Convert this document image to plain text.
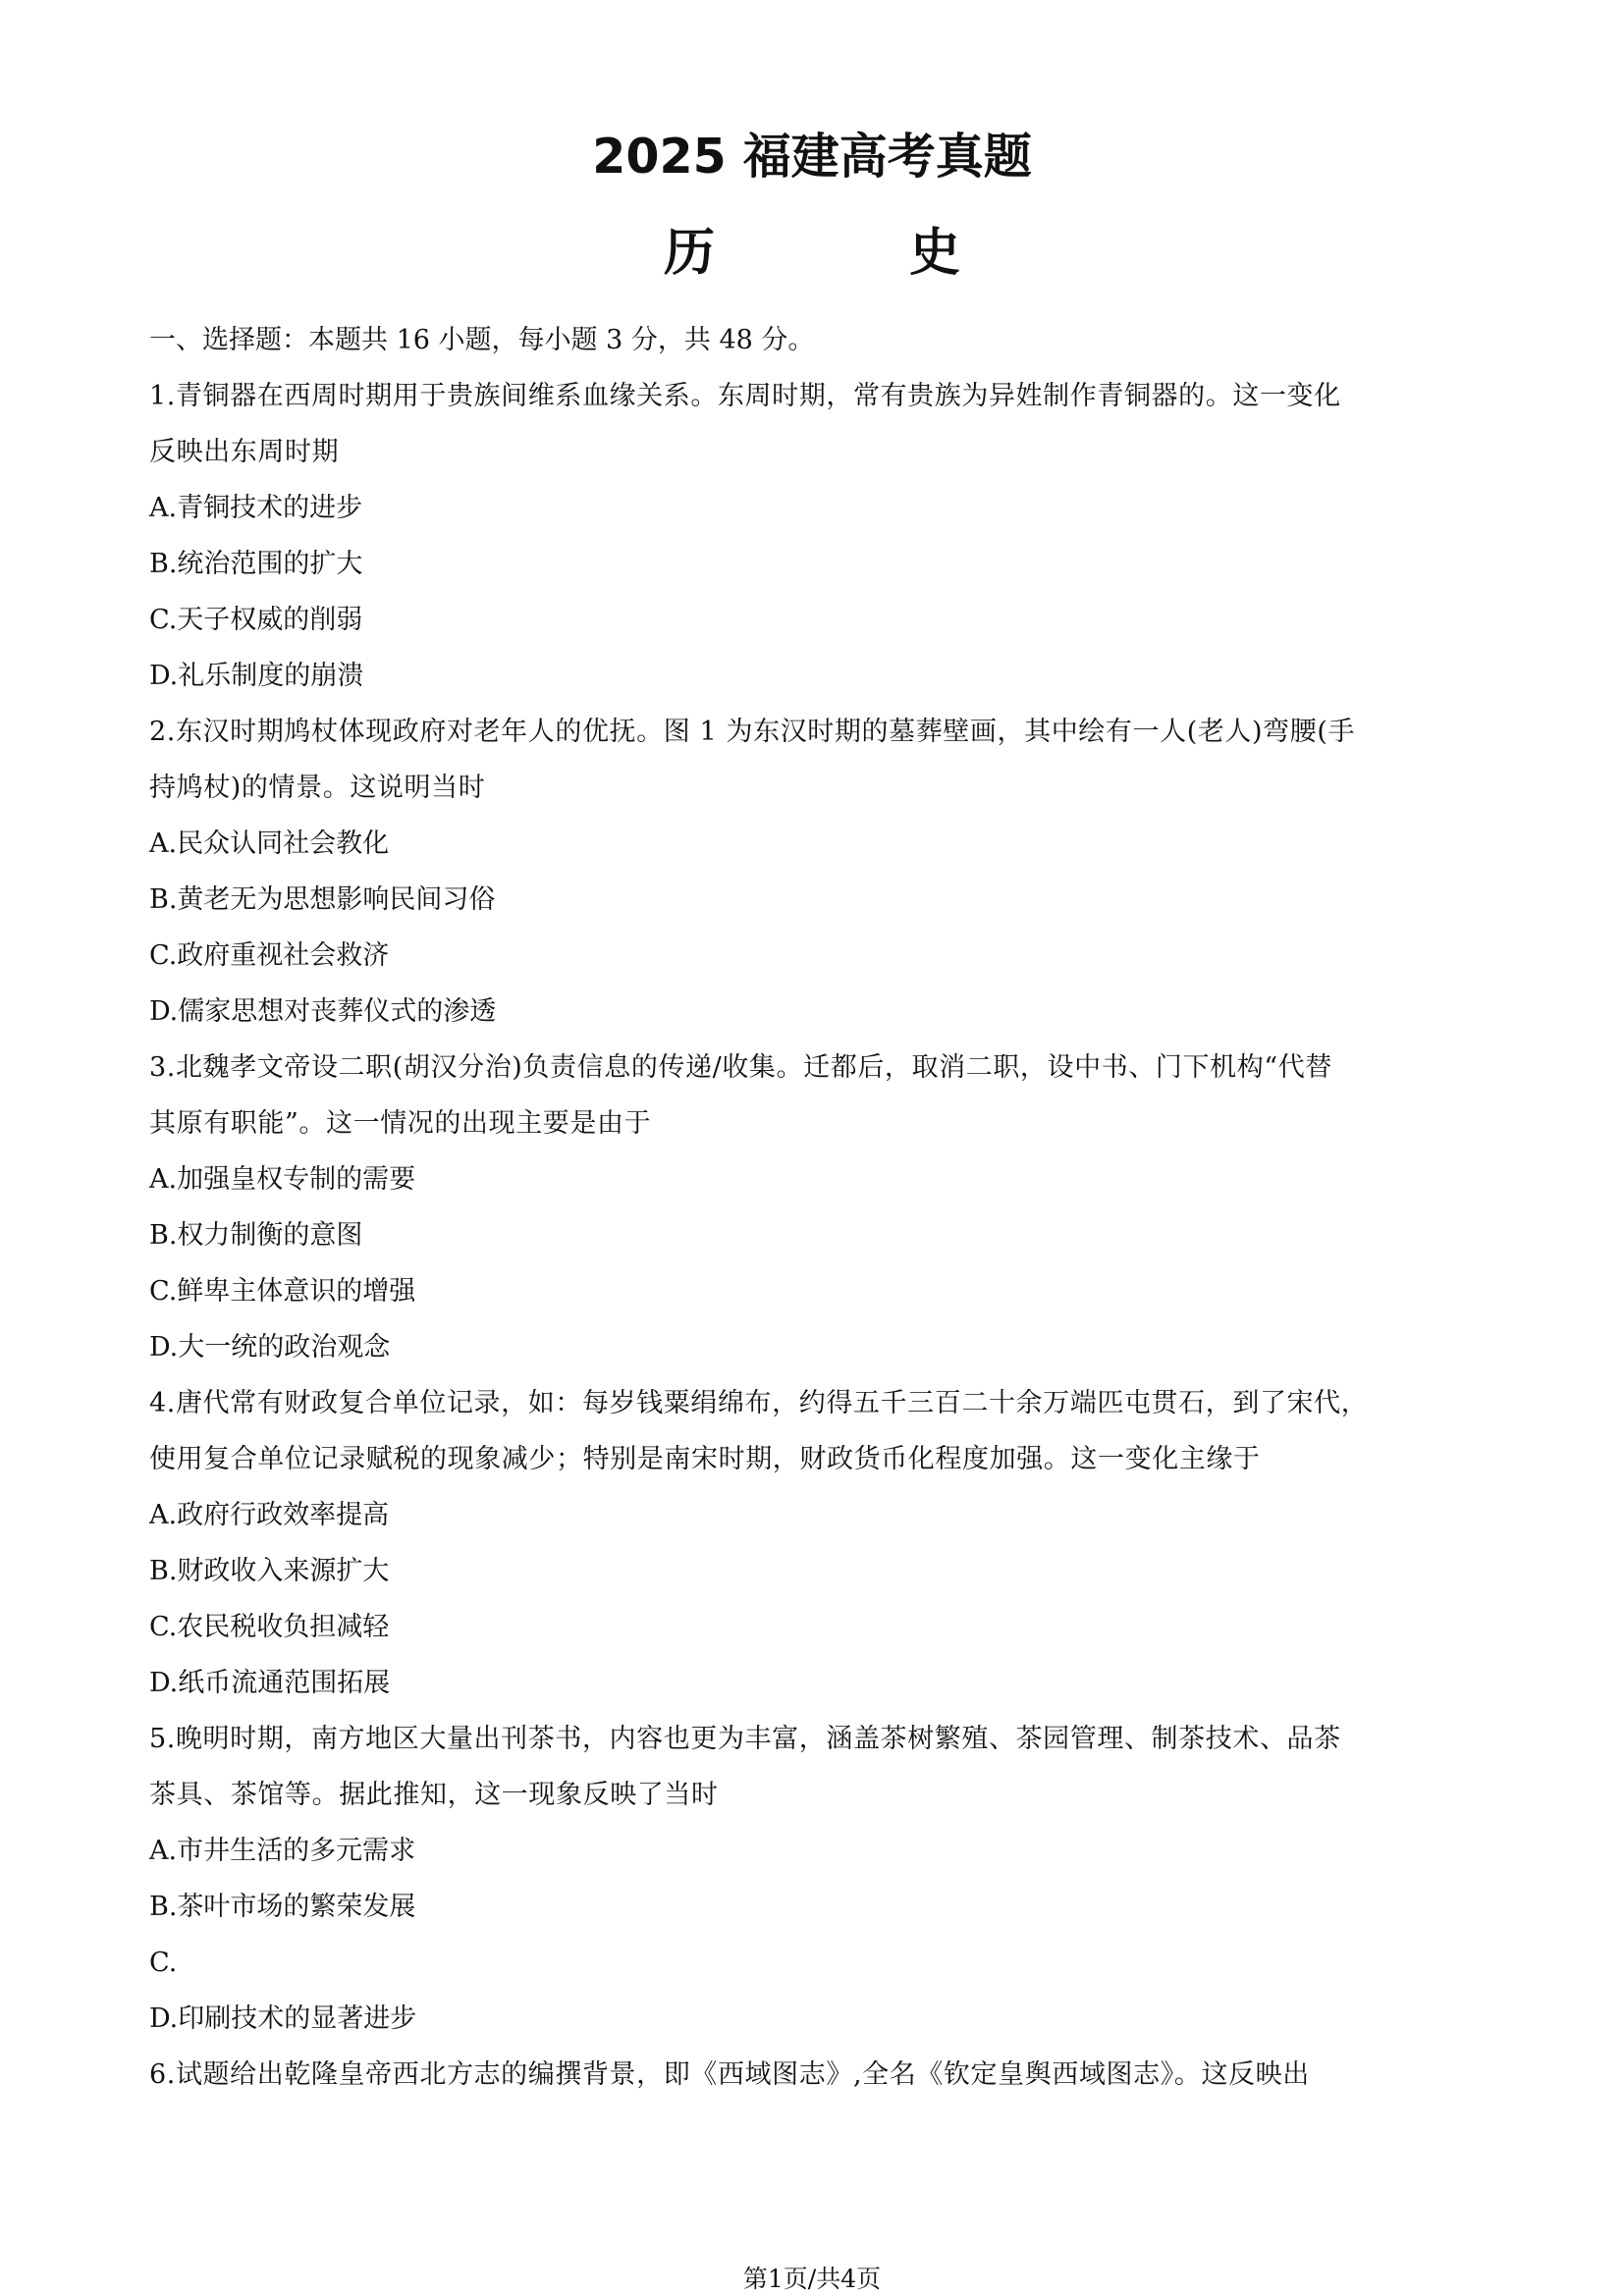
2025 福建高考真题
历 史
一、选择题：本题共 16 小题，每小题 3 分，共 48 分。
1.青铜器在西周时期用于贵族间维系血缘关系。东周时期，常有贵族为异姓制作青铜器的。这一变化
反映出东周时期
A.青铜技术的进步
B.统治范围的扩大
C.天子权威的削弱
D.礼乐制度的崩溃
2.东汉时期鸠杖体现政府对老年人的优抚。图 1 为东汉时期的墓葬壁画，其中绘有一人(老人)弯腰(手
持鸠杖)的情景。这说明当时
A.民众认同社会教化
B.黄老无为思想影响民间习俗
C.政府重视社会救济
D.儒家思想对丧葬仪式的渗透
3.北魏孝文帝设二职(胡汉分治)负责信息的传递/收集。迁都后，取消二职，设中书、门下机构“代替
其原有职能”。这一情况的出现主要是由于
A.加强皇权专制的需要
B.权力制衡的意图
C.鲜卑主体意识的增强
D.大一统的政治观念
4.唐代常有财政复合单位记录，如：每岁钱粟绢绵布，约得五千三百二十余万端匹屯贯石，到了宋代，
使用复合单位记录赋税的现象减少；特别是南宋时期，财政货币化程度加强。这一变化主缘于
A.政府行政效率提高
B.财政收入来源扩大
C.农民税收负担减轻
D.纸币流通范围拓展
5.晚明时期，南方地区大量出刊茶书，内容也更为丰富，涵盖茶树繁殖、茶园管理、制茶技术、品茶
茶具、茶馆等。据此推知，这一现象反映了当时
A.市井生活的多元需求
B.茶叶市场的繁荣发展
C.
D.印刷技术的显著进步
6.试题给出乾隆皇帝西北方志的编撰背景，即《西域图志》,全名《钦定皇舆西域图志》。这反映出
第1页/共4页
